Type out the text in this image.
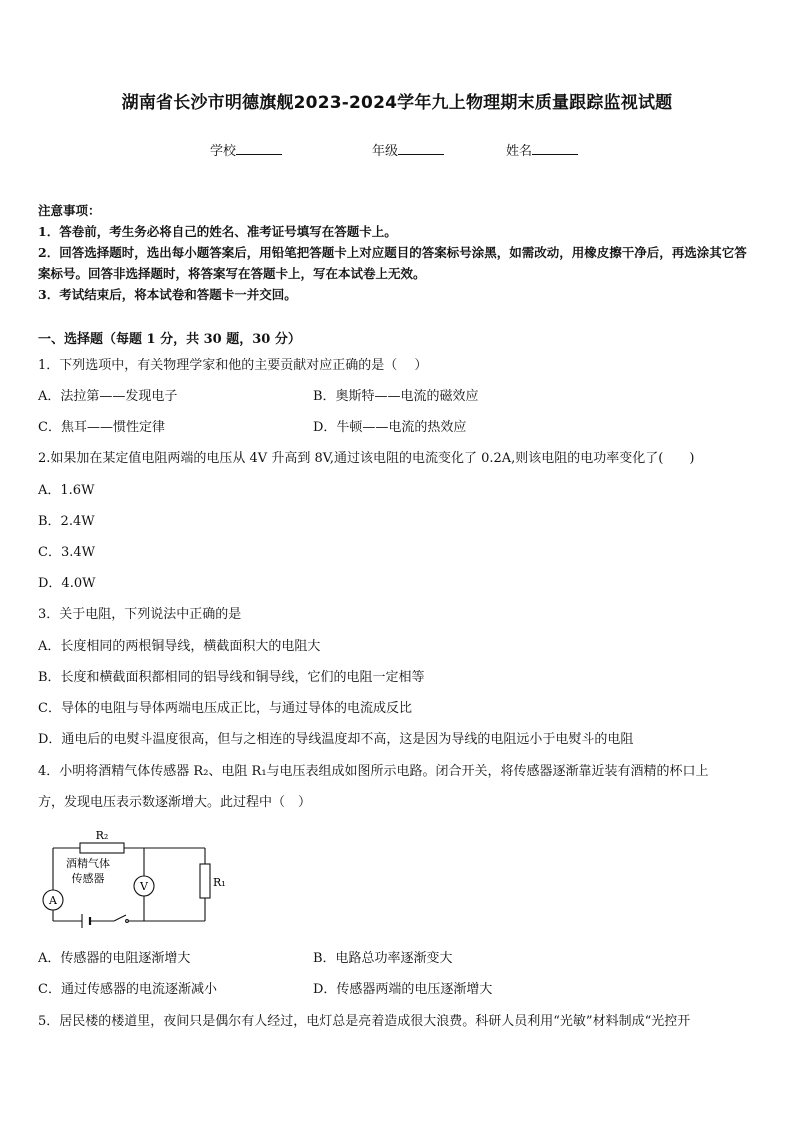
湖南省长沙市明德旗舰2023-2024学年九上物理期末质量跟踪监视试题
学校	年级	姓名
注意事项：
1．答卷前，考生务必将自己的姓名、准考证号填写在答题卡上。
2．回答选择题时，选出每小题答案后，用铅笔把答题卡上对应题目的答案标号涂黑，如需改动，用橡皮擦干净后，再选涂其它答案标号。回答非选择题时，将答案写在答题卡上，写在本试卷上无效。
3．考试结束后，将本试卷和答题卡一并交回。
一、选择题（每题 1 分，共 30 题，30 分）
1．下列选项中，有关物理学家和他的主要贡献对应正确的是（　 ）
A．法拉第——发现电子	B．奥斯特——电流的磁效应
C．焦耳——惯性定律	D．牛顿——电流的热效应
2.如果加在某定值电阻两端的电压从 4V 升高到 8V,通过该电阻的电流变化了 0.2A,则该电阻的电功率变化了(　　)
A．1.6W
B．2.4W
C．3.4W
D．4.0W
3．关于电阻，下列说法中正确的是
A．长度相同的两根铜导线，横截面积大的电阻大
B．长度和横截面积都相同的铝导线和铜导线，它们的电阻一定相等
C．导体的电阻与导体两端电压成正比，与通过导体的电流成反比
D．通电后的电熨斗温度很高，但与之相连的导线温度却不高，这是因为导线的电阻远小于电熨斗的电阻
4．小明将酒精气体传感器 R₂、电阻 R₁与电压表组成如图所示电路。闭合开关，将传感器逐渐靠近装有酒精的杯口上
方，发现电压表示数逐渐增大。此过程中（　）
R₂
酒精气体
传感器	R₁
A
V
A．传感器的电阻逐渐增大	B．电路总功率逐渐变大
C．通过传感器的电流逐渐减小	D．传感器两端的电压逐渐增大
5．居民楼的楼道里，夜间只是偶尔有人经过，电灯总是亮着造成很大浪费。科研人员利用“光敏”材料制成“光控开
